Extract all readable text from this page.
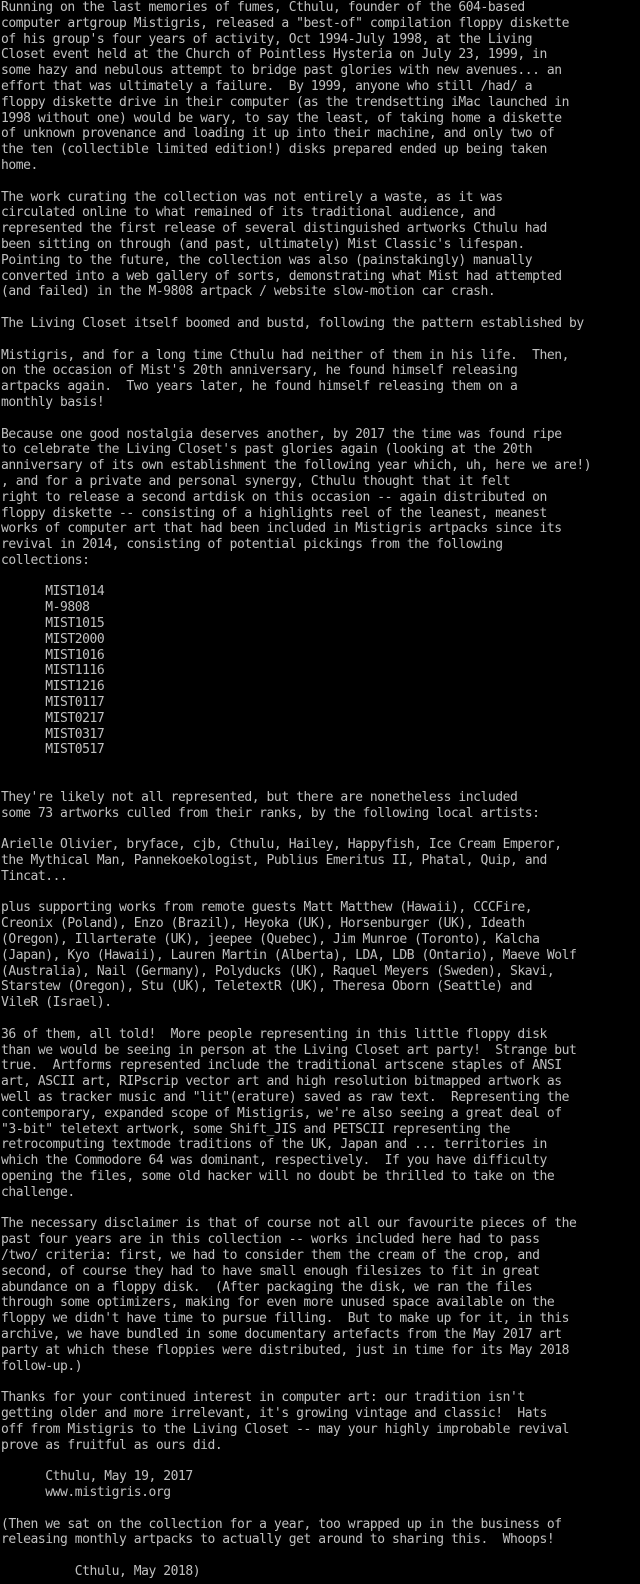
Running on the last memories of fumes, Cthulu, founder of the 604-based
computer artgroup Mistigris, released a "best-of" compilation floppy diskette
of his group's four years of activity, Oct 1994-July 1998, at the Living
Closet event held at the Church of Pointless Hysteria on July 23, 1999, in
some hazy and nebulous attempt to bridge past glories with new avenues... an
effort that was ultimately a failure.  By 1999, anyone who still /had/ a
floppy diskette drive in their computer (as the trendsetting iMac launched in
1998 without one) would be wary, to say the least, of taking home a diskette
of unknown provenance and loading it up into their machine, and only two of
the ten (collectible limited edition!) disks prepared ended up being taken
home.
The work curating the collection was not entirely a waste, as it was
circulated online to what remained of its traditional audience, and
represented the first release of several distinguished artworks Cthulu had
been sitting on through (and past, ultimately) Mist Classic's lifespan.
Pointing to the future, the collection was also (painstakingly) manually
converted into a web gallery of sorts, demonstrating what Mist had attempted
(and failed) in the M-9808 artpack / website slow-motion car crash.
The Living Closet itself boomed and bustd, following the pattern established by
Mistigris, and for a long time Cthulu had neither of them in his life.  Then,
on the occasion of Mist's 20th anniversary, he found himself releasing
artpacks again.  Two years later, he found himself releasing them on a
monthly basis!
Because one good nostalgia deserves another, by 2017 the time was found ripe
to celebrate the Living Closet's past glories again (looking at the 20th
anniversary of its own establishment the following year which, uh, here we are!)
, and for a private and personal synergy, Cthulu thought that it felt
right to release a second artdisk on this occasion -- again distributed on
floppy diskette -- consisting of a highlights reel of the leanest, meanest
works of computer art that had been included in Mistigris artpacks since its
revival in 2014, consisting of potential pickings from the following
collections:
MIST1014
M-9808
MIST1015
MIST2000
MIST1016
MIST1116
MIST1216
MIST0117
MIST0217
MIST0317
MIST0517
They're likely not all represented, but there are nonetheless included
some 73 artworks culled from their ranks, by the following local artists:
Arielle Olivier, bryface, cjb, Cthulu, Hailey, Happyfish, Ice Cream Emperor,
the Mythical Man, Pannekoekologist, Publius Emeritus II, Phatal, Quip, and
Tincat...
plus supporting works from remote guests Matt Matthew (Hawaii), CCCFire,
Creonix (Poland), Enzo (Brazil), Heyoka (UK), Horsenburger (UK), Ideath
(Oregon), Illarterate (UK), jeepee (Quebec), Jim Munroe (Toronto), Kalcha
(Japan), Kyo (Hawaii), Lauren Martin (Alberta), LDA, LDB (Ontario), Maeve Wolf
(Australia), Nail (Germany), Polyducks (UK), Raquel Meyers (Sweden), Skavi,
Starstew (Oregon), Stu (UK), TeletextR (UK), Theresa Oborn (Seattle) and
VileR (Israel).
36 of them, all told!  More people representing in this little floppy disk
than we would be seeing in person at the Living Closet art party!  Strange but
true.  Artforms represented include the traditional artscene staples of ANSI
art, ASCII art, RIPscrip vector art and high resolution bitmapped artwork as
well as tracker music and "lit"(erature) saved as raw text.  Representing the
contemporary, expanded scope of Mistigris, we're also seeing a great deal of
"3-bit" teletext artwork, some Shift_JIS and PETSCII representing the
retrocomputing textmode traditions of the UK, Japan and ... territories in
which the Commodore 64 was dominant, respectively.  If you have difficulty
opening the files, some old hacker will no doubt be thrilled to take on the
challenge.
The necessary disclaimer is that of course not all our favourite pieces of the
past four years are in this collection -- works included here had to pass
/two/ criteria: first, we had to consider them the cream of the crop, and
second, of course they had to have small enough filesizes to fit in great
abundance on a floppy disk.  (After packaging the disk, we ran the files
through some optimizers, making for even more unused space available on the
floppy we didn't have time to pursue filling.  But to make up for it, in this
archive, we have bundled in some documentary artefacts from the May 2017 art
party at which these floppies were distributed, just in time for its May 2018
follow-up.)
Thanks for your continued interest in computer art: our tradition isn't
getting older and more irrelevant, it's growing vintage and classic!  Hats
off from Mistigris to the Living Closet -- may your highly improbable revival
prove as fruitful as ours did.
Cthulu, May 19, 2017
www.mistigris.org
(Then we sat on the collection for a year, too wrapped up in the business of
releasing monthly artpacks to actually get around to sharing this.  Whoops!
Cthulu, May 2018)
